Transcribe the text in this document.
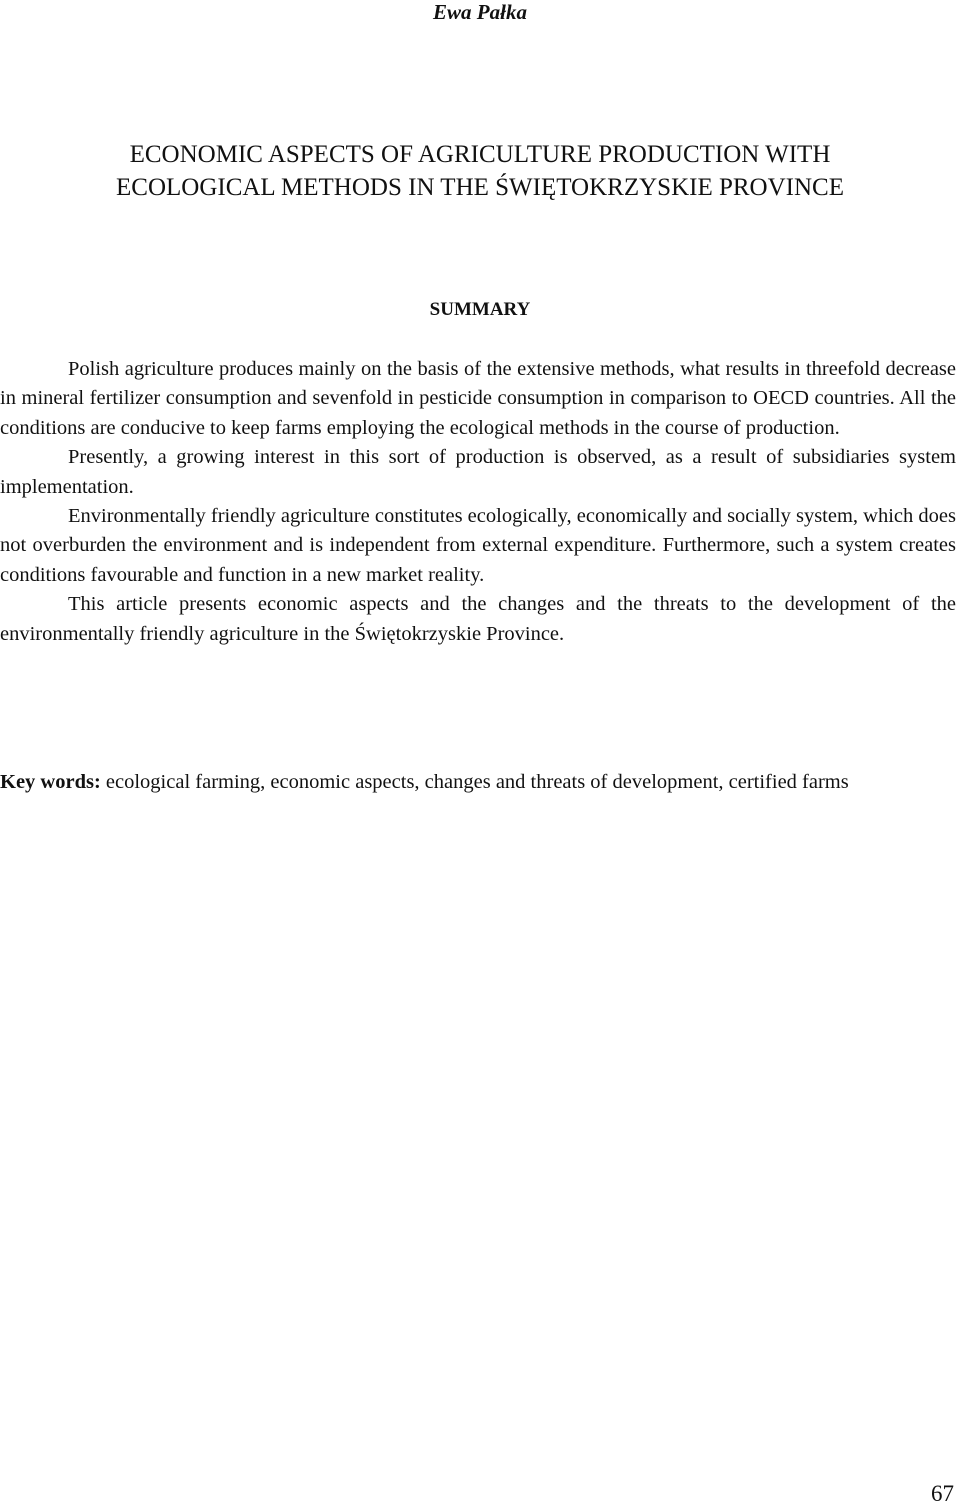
Ewa Pałka
ECONOMIC ASPECTS OF AGRICULTURE PRODUCTION WITH
ECOLOGICAL METHODS IN THE ŚWIĘTOKRZYSKIE PROVINCE
SUMMARY

Polish agriculture produces mainly on the basis of the extensive methods, what results in threefold decrease in mineral fertilizer consumption and sevenfold in pesticide consumption in comparison to OECD countries. All the conditions are conducive to keep farms employing the ecological methods in the course of production.

Presently, a growing interest in this sort of production is observed, as a result of subsidiaries system implementation.

Environmentally friendly agriculture constitutes ecologically, economically and socially system, which does not overburden the environment and is independent from external expenditure. Furthermore, such a system creates conditions favourable and function in a new market reality.

This article presents economic aspects and the changes and the threats to the development of the environmentally friendly agriculture in the Świętokrzyskie Province.

Key words: ecological farming, economic aspects, changes and threats of development, certified farms
67
